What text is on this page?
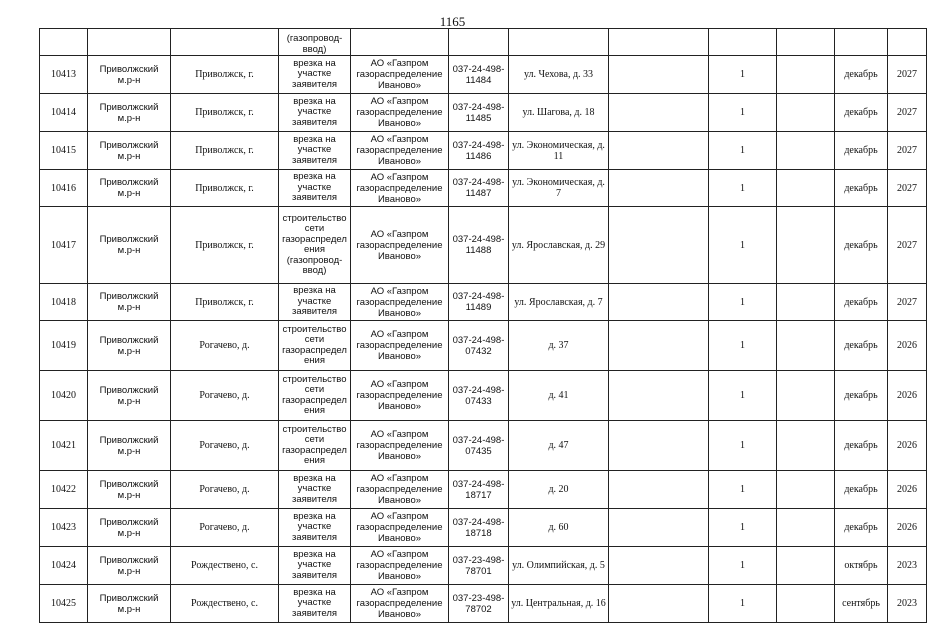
1165
			(газопровод-ввод)								
10413	Приволжский м.р-н	Приволжск, г.	врезка на участке заявителя	АО «Газпром газораспределение Иваново»	037-24-498-11484	ул. Чехова, д. 33		1		декабрь	2027
10414	Приволжский м.р-н	Приволжск, г.	врезка на участке заявителя	АО «Газпром газораспределение Иваново»	037-24-498-11485	ул. Шагова, д. 18		1		декабрь	2027
10415	Приволжский м.р-н	Приволжск, г.	врезка на участке заявителя	АО «Газпром газораспределение Иваново»	037-24-498-11486	ул. Экономическая, д. 11		1		декабрь	2027
10416	Приволжский м.р-н	Приволжск, г.	врезка на участке заявителя	АО «Газпром газораспределение Иваново»	037-24-498-11487	ул. Экономическая, д. 7		1		декабрь	2027
10417	Приволжский м.р-н	Приволжск, г.	строительство сети газораспределения (газопровод-ввод)	АО «Газпром газораспределение Иваново»	037-24-498-11488	ул. Ярославская, д. 29		1		декабрь	2027
10418	Приволжский м.р-н	Приволжск, г.	врезка на участке заявителя	АО «Газпром газораспределение Иваново»	037-24-498-11489	ул. Ярославская, д. 7		1		декабрь	2027
10419	Приволжский м.р-н	Рогачево, д.	строительство сети газораспределения	АО «Газпром газораспределение Иваново»	037-24-498-07432	д. 37		1		декабрь	2026
10420	Приволжский м.р-н	Рогачево, д.	строительство сети газораспределения	АО «Газпром газораспределение Иваново»	037-24-498-07433	д. 41		1		декабрь	2026
10421	Приволжский м.р-н	Рогачево, д.	строительство сети газораспределения	АО «Газпром газораспределение Иваново»	037-24-498-07435	д. 47		1		декабрь	2026
10422	Приволжский м.р-н	Рогачево, д.	врезка на участке заявителя	АО «Газпром газораспределение Иваново»	037-24-498-18717	д. 20		1		декабрь	2026
10423	Приволжский м.р-н	Рогачево, д.	врезка на участке заявителя	АО «Газпром газораспределение Иваново»	037-24-498-18718	д. 60		1		декабрь	2026
10424	Приволжский м.р-н	Рождествено, с.	врезка на участке заявителя	АО «Газпром газораспределение Иваново»	037-23-498-78701	ул. Олимпийская, д. 5		1		октябрь	2023
10425	Приволжский м.р-н	Рождествено, с.	врезка на участке заявителя	АО «Газпром газораспределение Иваново»	037-23-498-78702	ул. Центральная, д. 16		1		сентябрь	2023
